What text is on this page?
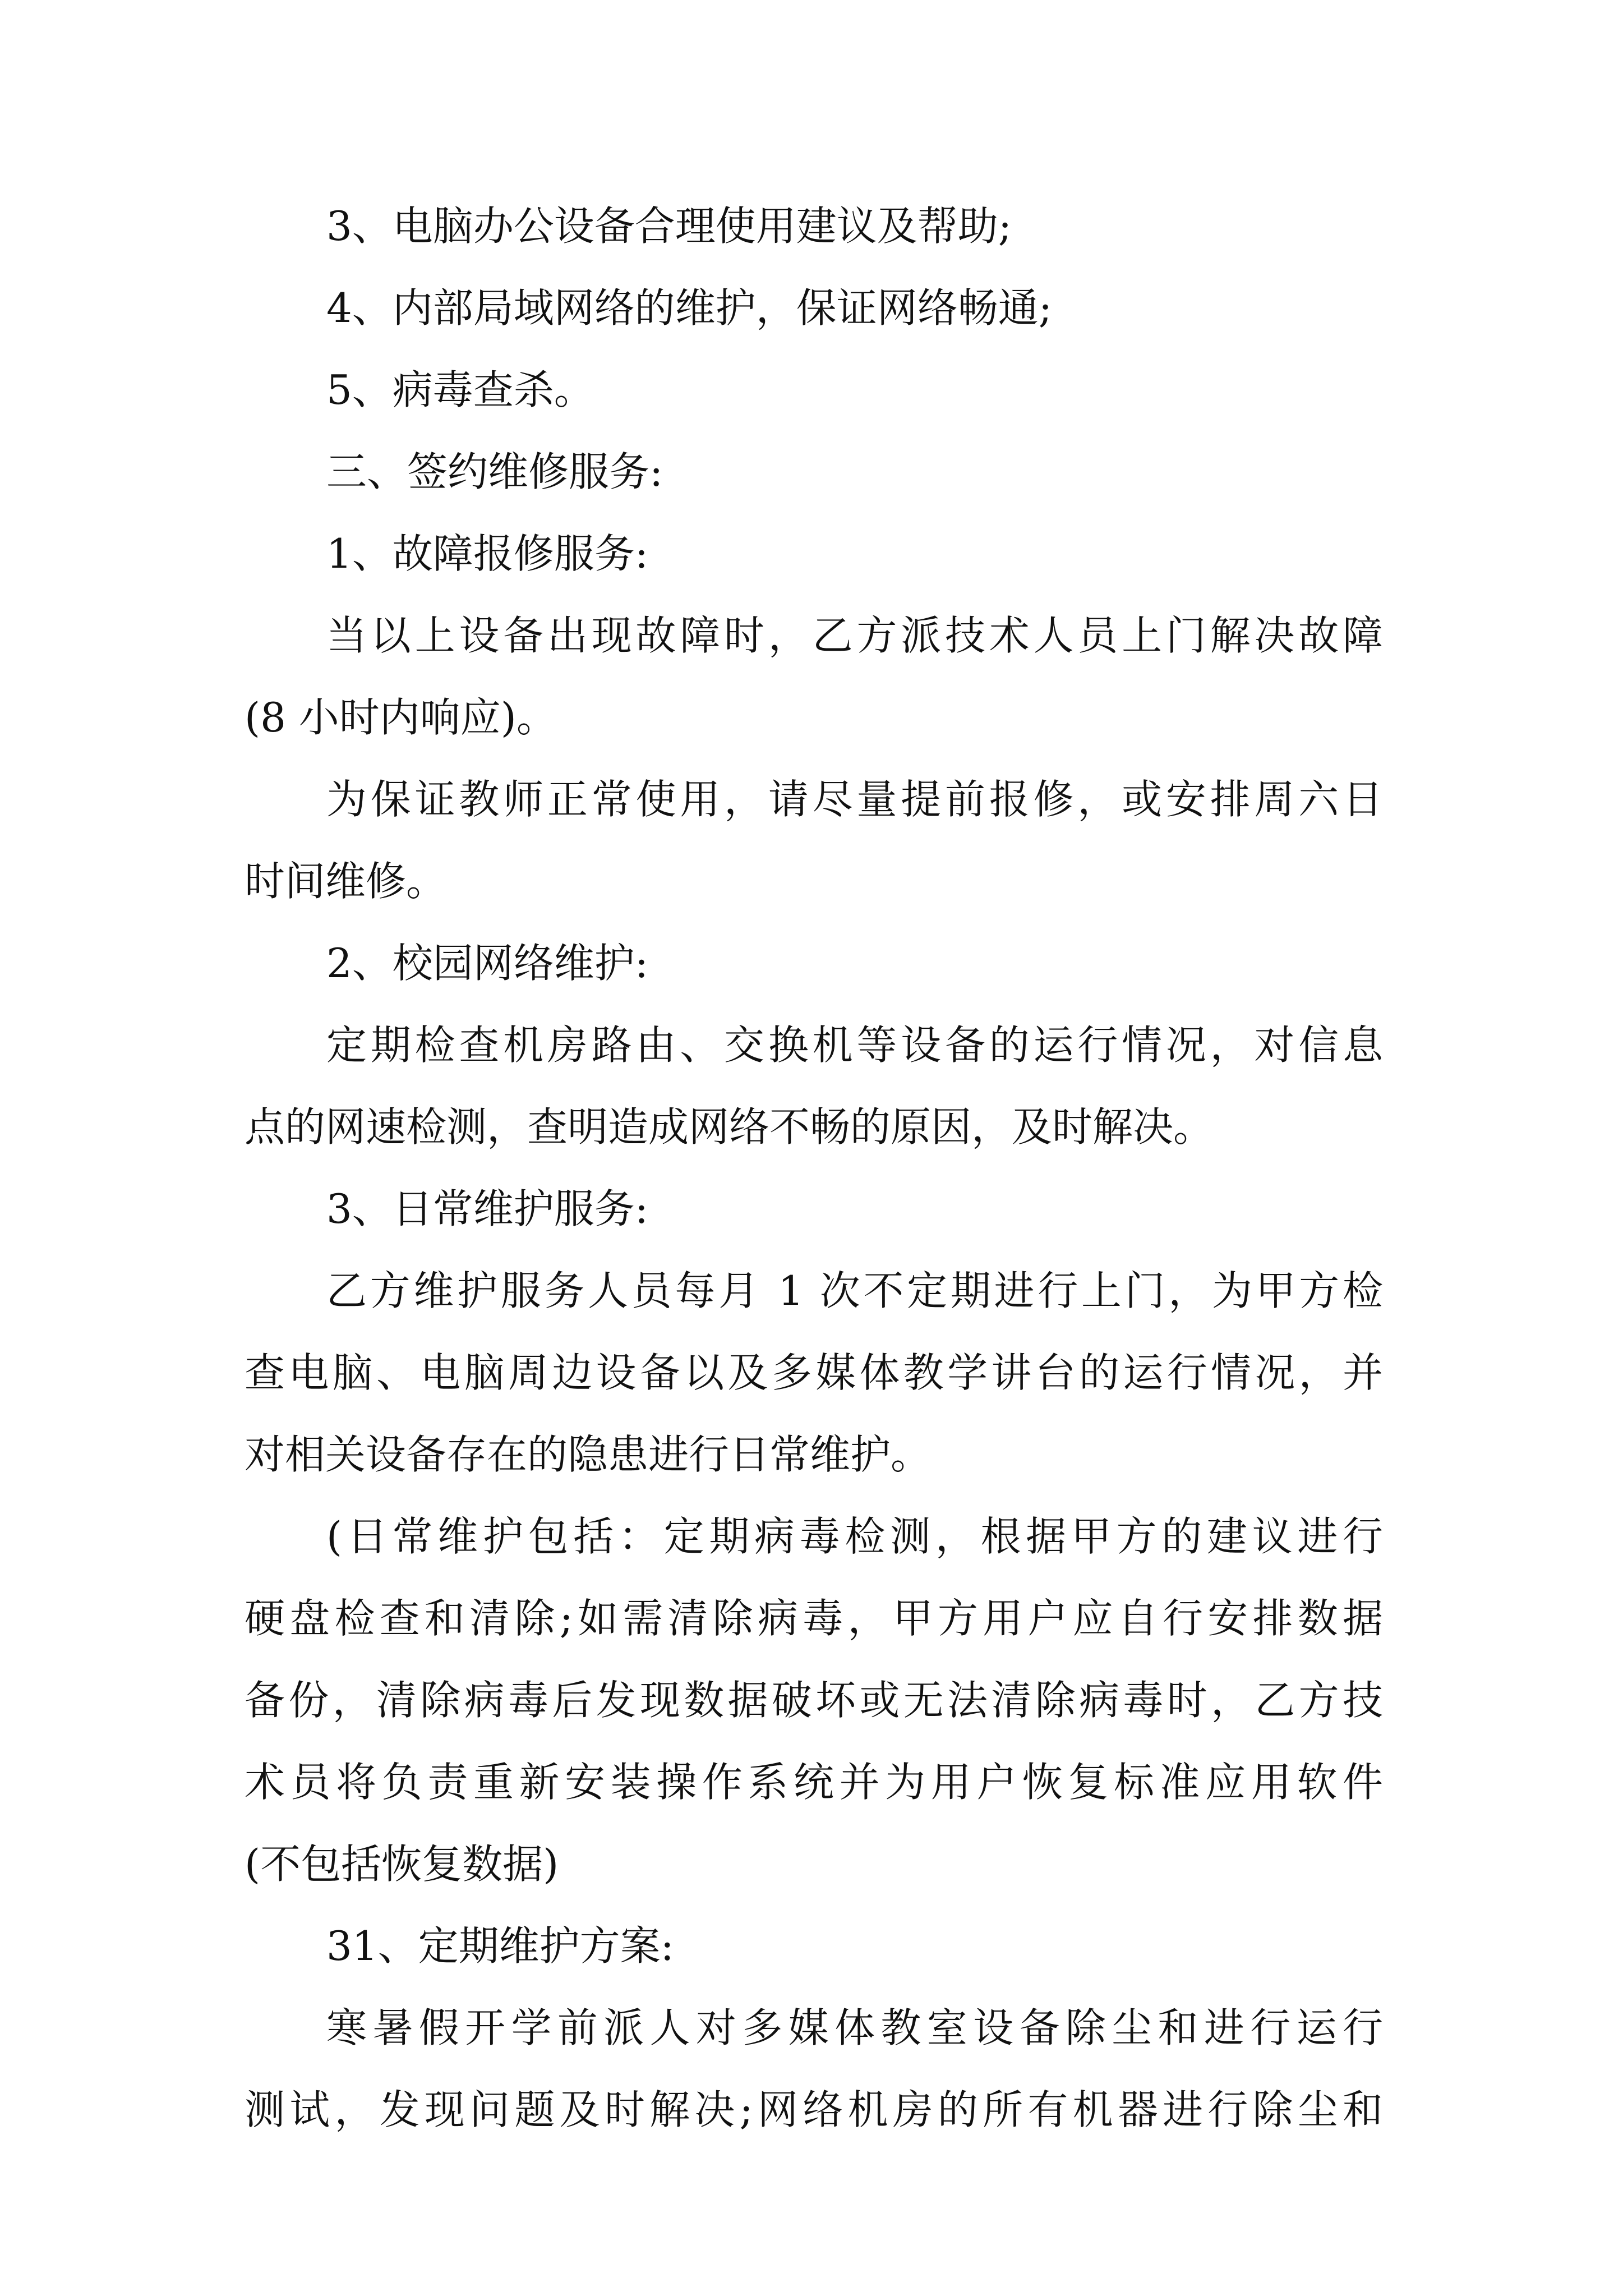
3、电脑办公设备合理使用建议及帮助;
4、内部局域网络的维护，保证网络畅通;
5、病毒查杀。
三、签约维修服务:
1、故障报修服务:
当以上设备出现故障时，乙方派技术人员上门解决故障
(8 小时内响应)。
为保证教师正常使用，请尽量提前报修，或安排周六日
时间维修。
2、校园网络维护:
定期检查机房路由、交换机等设备的运行情况，对信息
点的网速检测，查明造成网络不畅的原因，及时解决。
3、日常维护服务:
乙方维护服务人员每月 1 次不定期进行上门，为甲方检
查电脑、电脑周边设备以及多媒体教学讲台的运行情况，并
对相关设备存在的隐患进行日常维护。
(日常维护包括：定期病毒检测，根据甲方的建议进行
硬盘检查和清除;如需清除病毒，甲方用户应自行安排数据
备份，清除病毒后发现数据破坏或无法清除病毒时，乙方技
术员将负责重新安装操作系统并为用户恢复标准应用软件
(不包括恢复数据)
31、定期维护方案:
寒暑假开学前派人对多媒体教室设备除尘和进行运行
测试，发现问题及时解决;网络机房的所有机器进行除尘和
